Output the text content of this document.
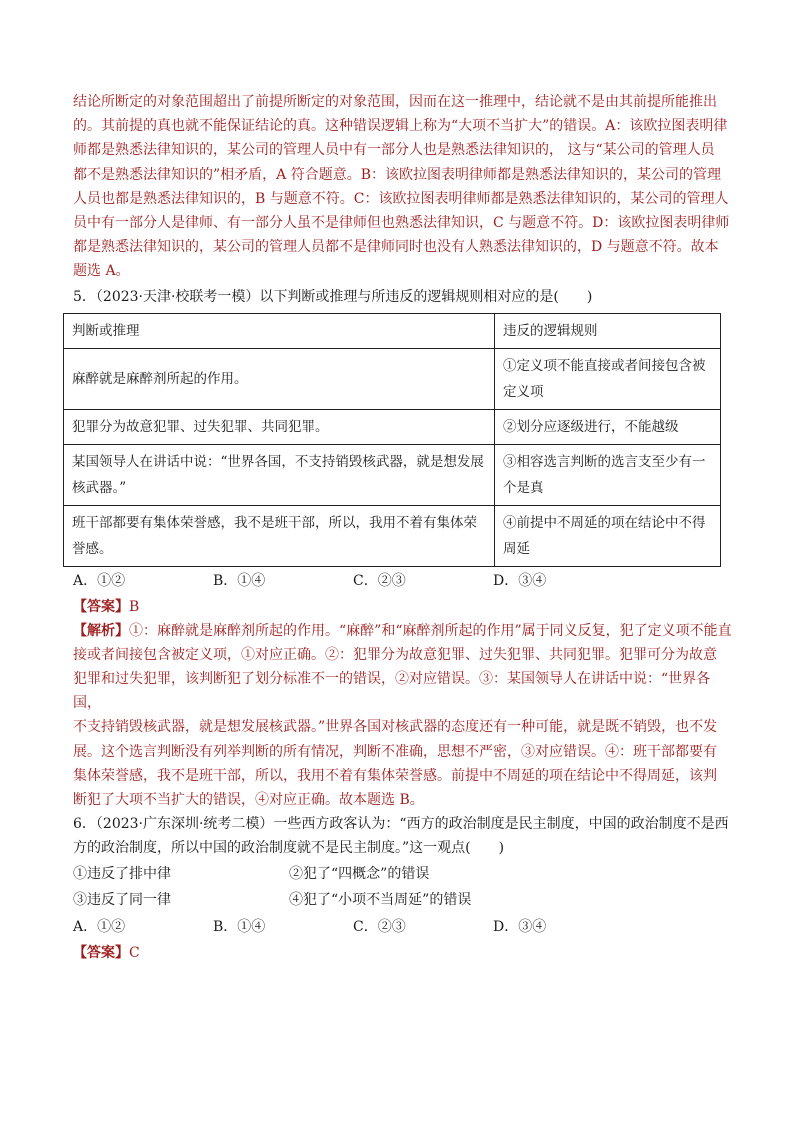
结论所断定的对象范围超出了前提所断定的对象范围，因而在这一推理中，结论就不是由其前提所能推出

的。其前提的真也就不能保证结论的真。这种错误逻辑上称为“大项不当扩大”的错误。A：该欧拉图表明律

师都是熟悉法律知识的，某公司的管理人员中有一部分人也是熟悉法律知识的， 这与“某公司的管理人员

都不是熟悉法律知识的”相矛盾，A 符合题意。B：该欧拉图表明律师都是熟悉法律知识的，某公司的管理

人员也都是熟悉法律知识的，B 与题意不符。C：该欧拉图表明律师都是熟悉法律知识的，某公司的管理人

员中有一部分人是律师、有一部分人虽不是律师但也熟悉法律知识，C 与题意不符。D：该欧拉图表明律师

都是熟悉法律知识的，某公司的管理人员都不是律师同时也没有人熟悉法律知识的，D 与题意不符。故本

题选 A。

5．（2023·天津·校联考一模）以下判断或推理与所违反的逻辑规则相对应的是(　　)

判断或推理	违反的逻辑规则
麻醉就是麻醉剂所起的作用。	①定义项不能直接或者间接包含被定义项
犯罪分为故意犯罪、过失犯罪、共同犯罪。	②划分应逐级进行，不能越级
某国领导人在讲话中说：“世界各国，不支持销毁核武器，就是想发展核武器。”	③相容选言判断的选言支至少有一个是真
班干部都要有集体荣誉感，我不是班干部，所以，我用不着有集体荣誉感。	④前提中不周延的项在结论中不得周延
A．①②	B．①④	C．②③	D．③④

【答案】B

【解析】①：麻醉就是麻醉剂所起的作用。“麻醉”和“麻醉剂所起的作用”属于同义反复，犯了定义项不能直

接或者间接包含被定义项，①对应正确。②：犯罪分为故意犯罪、过失犯罪、共同犯罪。犯罪可分为故意

犯罪和过失犯罪，该判断犯了划分标准不一的错误，②对应错误。③：某国领导人在讲话中说：“世界各国，

不支持销毁核武器，就是想发展核武器。”世界各国对核武器的态度还有一种可能，就是既不销毁，也不发

展。这个选言判断没有列举判断的所有情况，判断不准确，思想不严密，③对应错误。④：班干部都要有

集体荣誉感，我不是班干部，所以，我用不着有集体荣誉感。前提中不周延的项在结论中不得周延，该判

断犯了大项不当扩大的错误，④对应正确。故本题选 B。

6．（2023·广东深圳·统考二模）一些西方政客认为：“西方的政治制度是民主制度，中国的政治制度不是西

方的政治制度，所以中国的政治制度就不是民主制度。”这一观点(　　)

①违反了排中律	②犯了“四概念”的错误
③违反了同一律	④犯了“小项不当周延”的错误
A．①②	B．①④	C．②③	D．③④

【答案】C
